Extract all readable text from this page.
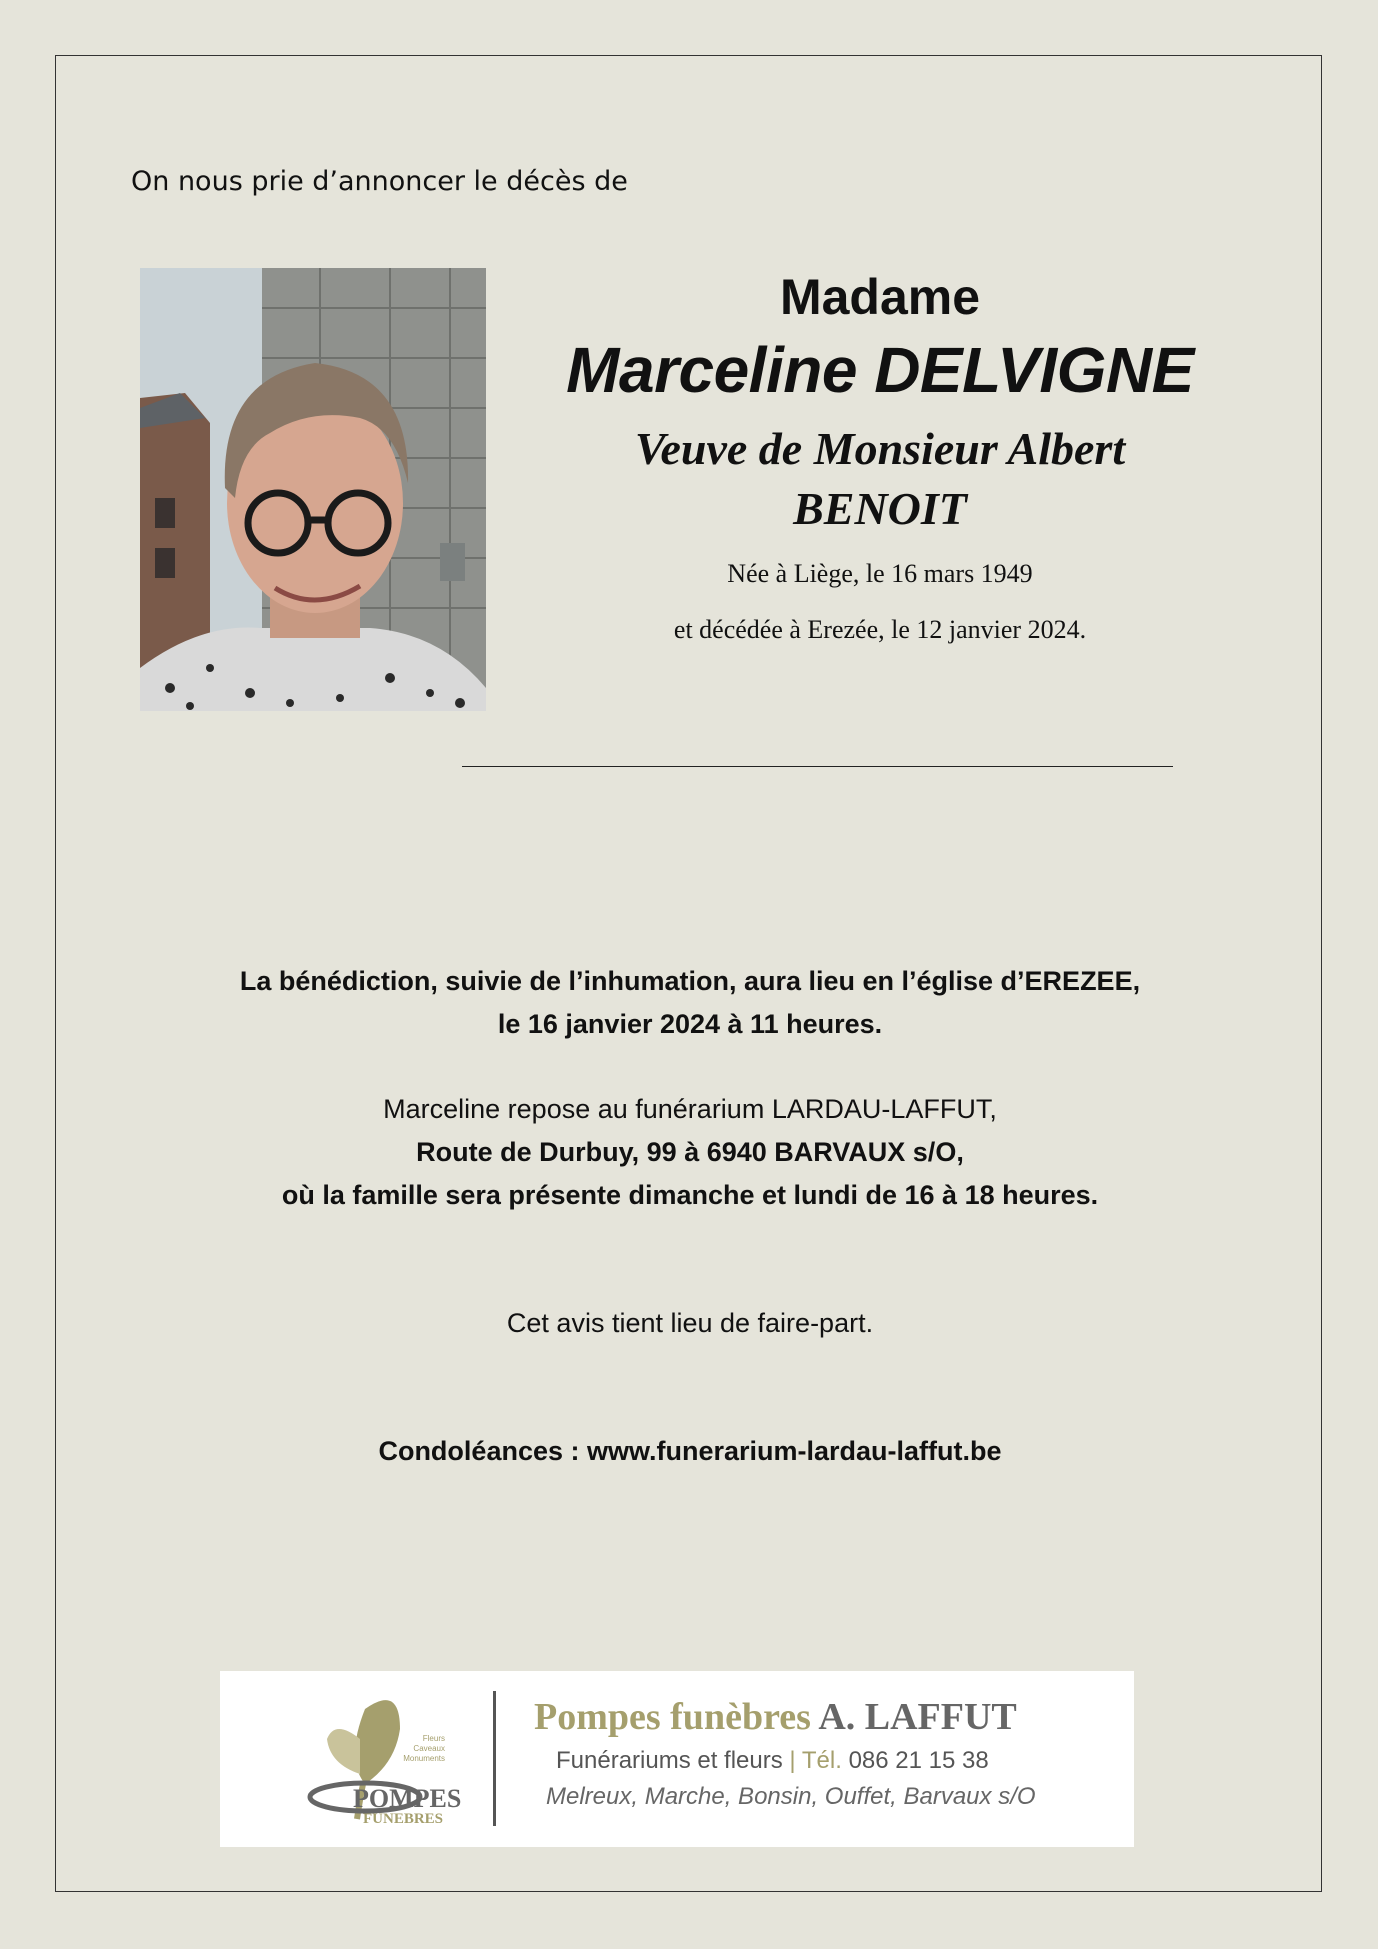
On nous prie d’annoncer le décès de
Madame
Marceline DELVIGNE
Veuve de Monsieur Albert
BENOIT
Née à Liège, le 16 mars 1949
et décédée à Erezée, le 12 janvier 2024.
La bénédiction, suivie de l’inhumation, aura lieu en l’église d’EREZEE,
le 16 janvier 2024 à 11 heures.
Marceline repose au funérarium LARDAU-LAFFUT,
Route de Durbuy, 99 à 6940 BARVAUX s/O,
où la famille sera présente dimanche et lundi de 16 à 18 heures.
Cet avis tient lieu de faire-part.
Condoléances : www.funerarium-lardau-laffut.be
Fleurs
Caveaux
Monuments
POMPES
FUNEBRES
Pompes funèbres A. LAFFUT
Funérariums et fleurs | Tél. 086 21 15 38
Melreux, Marche, Bonsin, Ouffet, Barvaux s/O
